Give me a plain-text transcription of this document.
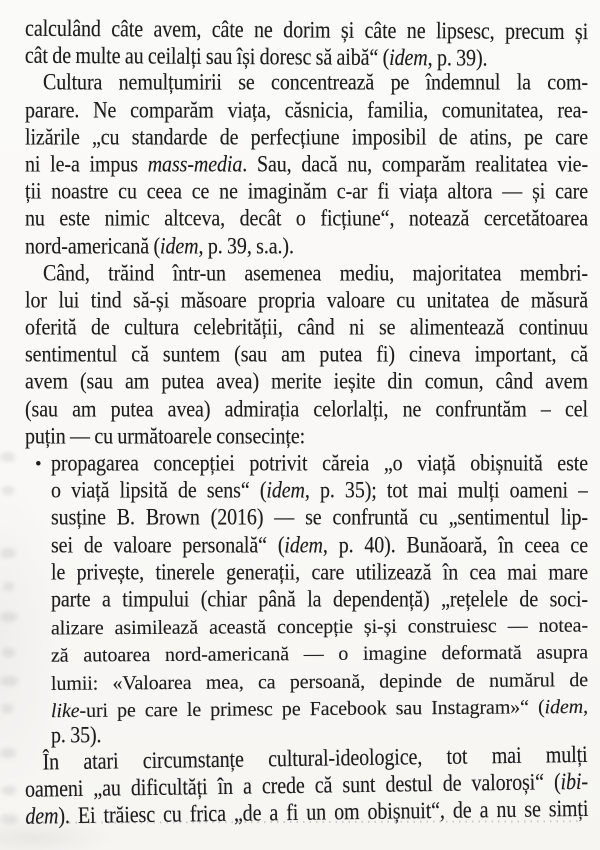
calculând câte avem, câte ne dorim și câte ne lipsesc, precum și
cât de multe au ceilalți sau își doresc să aibă“ (idem, p. 39).
Cultura nemulțumirii se concentrează pe îndemnul la com-
parare. Ne comparăm viața, căsnicia, familia, comunitatea, rea-
lizările „cu standarde de perfecțiune imposibil de atins, pe care
ni le-a impus mass-media. Sau, dacă nu, comparăm realitatea vie-
ții noastre cu ceea ce ne imaginăm c-ar fi viața altora — și care
nu este nimic altceva, decât o ficțiune“, notează cercetătoarea
nord-americană (idem, p. 39, s.a.).
Când, trăind într-un asemenea mediu, majoritatea membri-
lor lui tind să-și măsoare propria valoare cu unitatea de măsură
oferită de cultura celebrității, când ni se alimentează continuu
sentimentul că suntem (sau am putea fi) cineva important, că
avem (sau am putea avea) merite ieșite din comun, când avem
(sau am putea avea) admirația celorlalți, ne confruntăm – cel
puțin — cu următoarele consecințe:
• propagarea concepției potrivit căreia „o viață obișnuită este
o viață lipsită de sens“ (idem, p. 35); tot mai mulți oameni –
susține B. Brown (2016) — se confruntă cu „sentimentul lip-
sei de valoare personală“ (idem, p. 40). Bunăoară, în ceea ce
le privește, tinerele generații, care utilizează în cea mai mare
parte a timpului (chiar până la dependență) „rețelele de soci-
alizare asimilează această concepție și-și construiesc — notea-
ză autoarea nord-americană — o imagine deformată asupra
lumii: «Valoarea mea, ca persoană, depinde de numărul de
like-uri pe care le primesc pe Facebook sau Instagram»“ (idem,
p. 35).
În atari circumstanțe cultural-ideologice, tot mai mulți
oameni „au dificultăți în a crede că sunt destul de valoroși“ (ibi-
dem). Ei trăiesc cu frica „de a fi un om obișnuit“, de a nu se simți
